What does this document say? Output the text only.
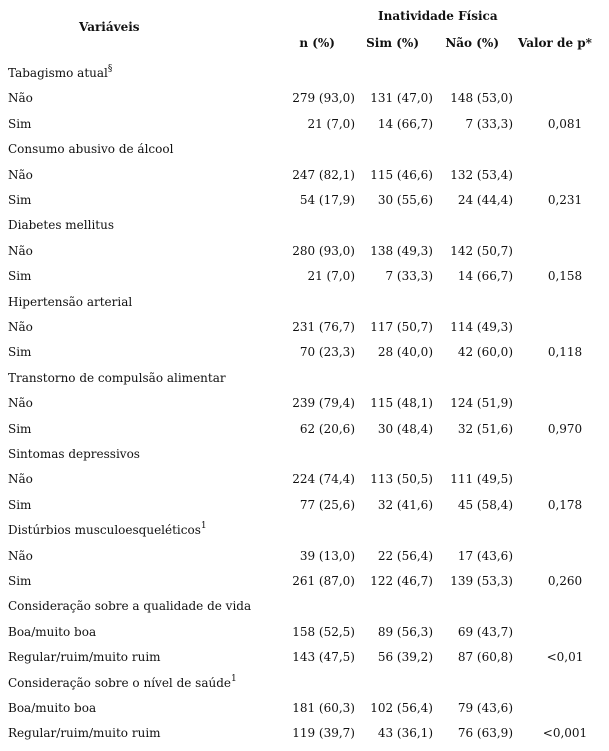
Variáveis
Inatividade Física
n (%)	Sim (%) Não (%) Valor de p*
Tabagismo atual§
Não	279 (93,0) 131 (47,0) 148 (53,0)
Sim	21 (7,0) 14 (66,7)	7 (33,3)	0,081
Consumo abusivo de álcool
Não	247 (82,1) 115 (46,6) 132 (53,4)
Sim	54 (17,9) 30 (55,6) 24 (44,4)	0,231
Diabetes mellitus
Não	280 (93,0) 138 (49,3) 142 (50,7)
Sim	21 (7,0)	7 (33,3) 14 (66,7)	0,158
Hipertensão arterial
Não	231 (76,7) 117 (50,7) 114 (49,3)
Sim	70 (23,3) 28 (40,0) 42 (60,0)	0,118
Transtorno de compulsão alimentar
Não	239 (79,4) 115 (48,1) 124 (51,9)
Sim	62 (20,6) 30 (48,4) 32 (51,6)	0,970
Sintomas depressivos
Não	224 (74,4) 113 (50,5) 111 (49,5)
Sim	77 (25,6) 32 (41,6) 45 (58,4)	0,178
Distúrbios musculoesqueléticos$^1$
Não	39 (13,0) 22 (56,4) 17 (43,6)
Sim	261 (87,0) 122 (46,7) 139 (53,3)	0,260
Consideração sobre a qualidade de vida
Boa/muito boa	158 (52,5) 89 (56,3) 69 (43,7)
Regular/ruim/muito ruim	143 (47,5) 56 (39,2) 87 (60,8)	<0,01
Consideração sobre o nível de saúde$^1$
Boa/muito boa	181 (60,3) 102 (56,4) 79 (43,6)
Regular/ruim/muito ruim	119 (39,7) 43 (36,1) 76 (63,9)	<0,001
